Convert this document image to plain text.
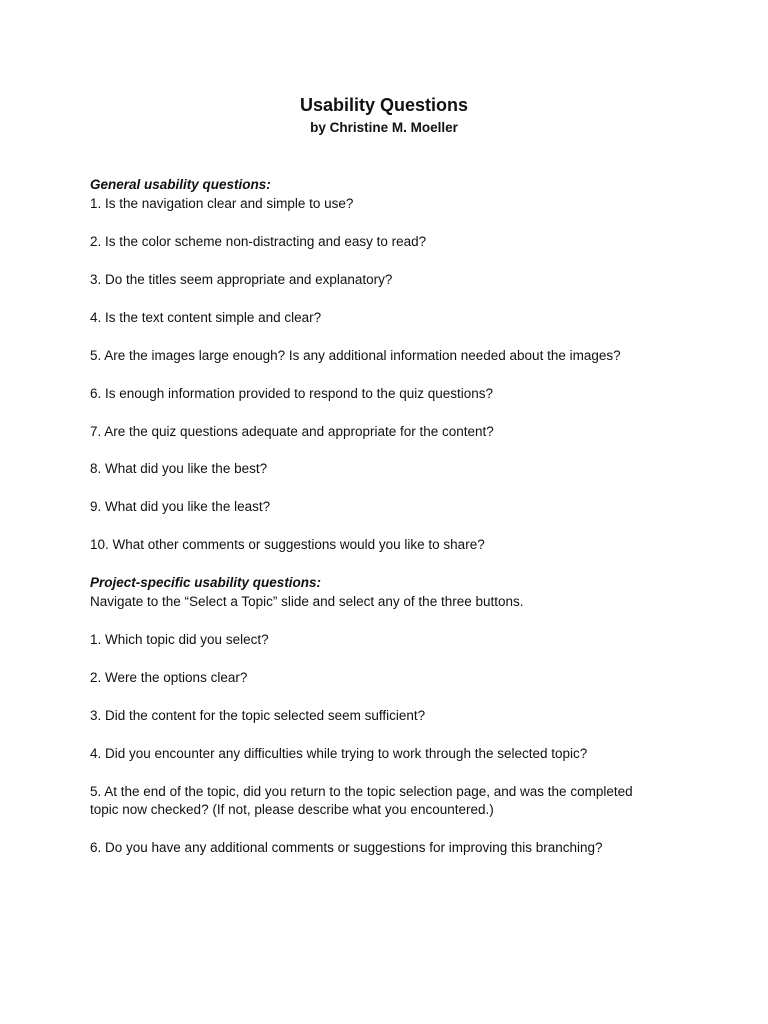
Usability Questions
by Christine M. Moeller
General usability questions:
1. Is the navigation clear and simple to use?
2. Is the color scheme non-distracting and easy to read?
3. Do the titles seem appropriate and explanatory?
4. Is the text content simple and clear?
5. Are the images large enough? Is any additional information needed about the images?
6. Is enough information provided to respond to the quiz questions?
7. Are the quiz questions adequate and appropriate for the content?
8. What did you like the best?
9. What did you like the least?
10. What other comments or suggestions would you like to share?
Project-specific usability questions:
Navigate to the “Select a Topic” slide and select any of the three buttons.
1. Which topic did you select?
2. Were the options clear?
3. Did the content for the topic selected seem sufficient?
4. Did you encounter any difficulties while trying to work through the selected topic?
5. At the end of the topic, did you return to the topic selection page, and was the completed
topic now checked? (If not, please describe what you encountered.)
6. Do you have any additional comments or suggestions for improving this branching?
